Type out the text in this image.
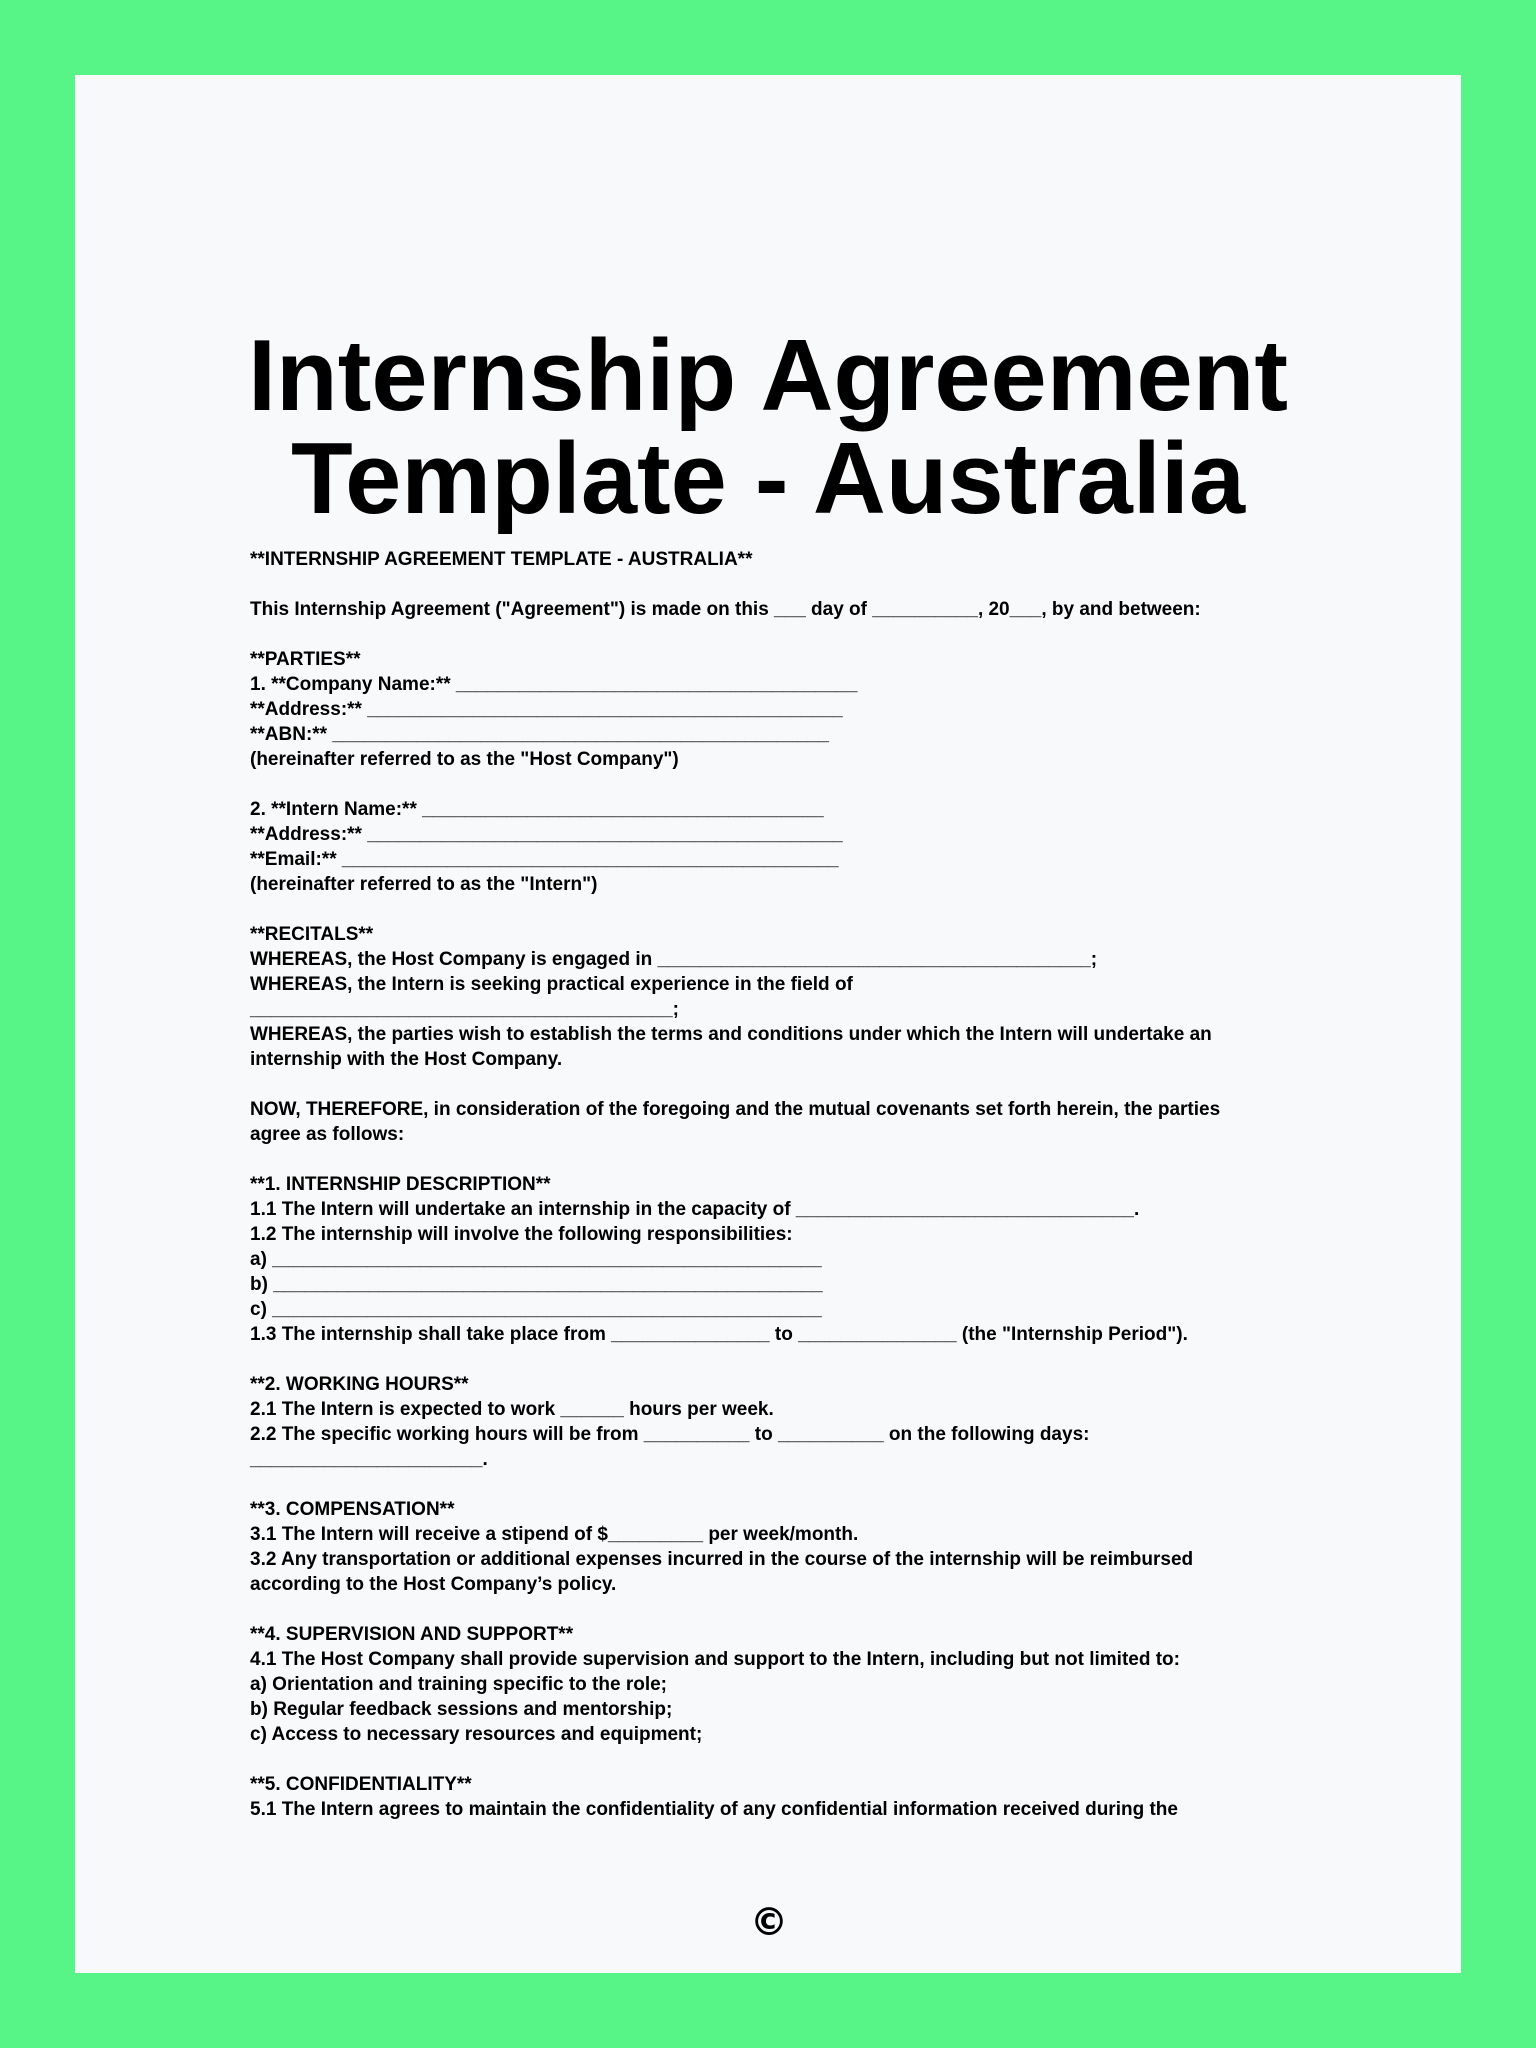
Internship Agreement
Template - Australia
**INTERNSHIP AGREEMENT TEMPLATE - AUSTRALIA**
This Internship Agreement ("Agreement") is made on this ___ day of __________, 20___, by and between:
**PARTIES**
1. **Company Name:** ______________________________________
**Address:** _____________________________________________
**ABN:** _______________________________________________
(hereinafter referred to as the "Host Company")
2. **Intern Name:** ______________________________________
**Address:** _____________________________________________
**Email:** _______________________________________________
(hereinafter referred to as the "Intern")
**RECITALS**
WHEREAS, the Host Company is engaged in _________________________________________;
WHEREAS, the Intern is seeking practical experience in the field of
________________________________________;
WHEREAS, the parties wish to establish the terms and conditions under which the Intern will undertake an
internship with the Host Company.
NOW, THEREFORE, in consideration of the foregoing and the mutual covenants set forth herein, the parties
agree as follows:
**1. INTERNSHIP DESCRIPTION**
1.1 The Intern will undertake an internship in the capacity of ________________________________.
1.2 The internship will involve the following responsibilities:
a) ____________________________________________________
b) ____________________________________________________
c) ____________________________________________________
1.3 The internship shall take place from _______________ to _______________ (the "Internship Period").
**2. WORKING HOURS**
2.1 The Intern is expected to work ______ hours per week.
2.2 The specific working hours will be from __________ to __________ on the following days:
______________________.
**3. COMPENSATION**
3.1 The Intern will receive a stipend of $_________ per week/month.
3.2 Any transportation or additional expenses incurred in the course of the internship will be reimbursed
according to the Host Company’s policy.
**4. SUPERVISION AND SUPPORT**
4.1 The Host Company shall provide supervision and support to the Intern, including but not limited to:
a) Orientation and training specific to the role;
b) Regular feedback sessions and mentorship;
c) Access to necessary resources and equipment;
**5. CONFIDENTIALITY**
5.1 The Intern agrees to maintain the confidentiality of any confidential information received during the
©
